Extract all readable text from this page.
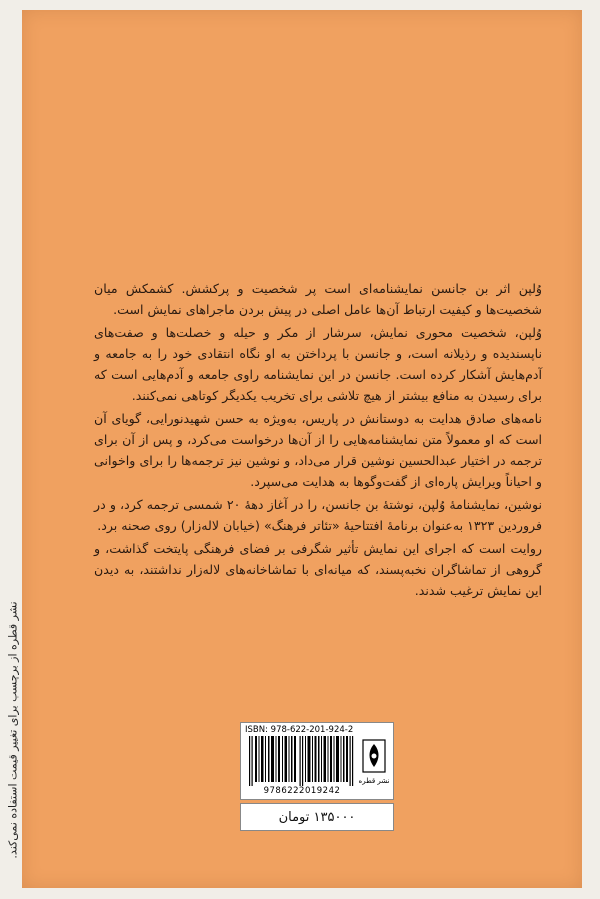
وُلپن اثر بن جانسن نمایشنامه‌ای است پر شخصیت و پرکشش. کشمکش میان شخصیت‌ها و کیفیت ارتباط آن‌ها عامل اصلی در پیش بردن ماجراهای نمایش است.

وُلپن، شخصیت محوری نمایش، سرشار از مکر و حیله و خصلت‌ها و صفت‌های ناپسندیده و رذیلانه است، و جانسن با پرداختن به او نگاه انتقادی خود را به جامعه و آدم‌هایش آشکار کرده است. جانسن در این نمایشنامه راوی جامعه و آدم‌هایی است که برای رسیدن به منافع بیشتر از هیچ تلاشی برای تخریب یکدیگر کوتاهی نمی‌کنند.

نامه‌های صادق هدایت به دوستانش در پاریس، به‌ویژه به حسن شهیدنورایی، گویای آن است که او معمولاً متن نمایشنامه‌هایی را از آن‌ها درخواست می‌کرد، و پس از آن برای ترجمه در اختیار عبدالحسین نوشین قرار می‌داد، و نوشین نیز ترجمه‌ها را برای واخوانی و احیاناً ویرایش پاره‌ای از گفت‌وگوها به هدایت می‌سپرد.

نوشین، نمایشنامهٔ وُلپن، نوشتهٔ بن جانسن، را در آغاز دههٔ ۲۰ شمسی ترجمه کرد، و در فروردین ۱۳۲۳ به‌عنوان برنامهٔ افتتاحیهٔ «تئاتر فرهنگ» (خیابان لاله‌زار) روی صحنه برد.

روایت است که اجرای این نمایش تأثیر شگرفی بر فضای فرهنگی پایتخت گذاشت، و گروهی از تماشاگران نخبه‌پسند، که میانه‌ای با تماشاخانه‌های لاله‌زار نداشتند، به دیدن این نمایش ترغیب شدند.

ISBN: 978-622-201-924-2
9786222019242
نشر قطره
۱۳۵۰۰۰ تومان
نشر قطره از برچسب برای تغییر قیمت استفاده نمی‌کند.
